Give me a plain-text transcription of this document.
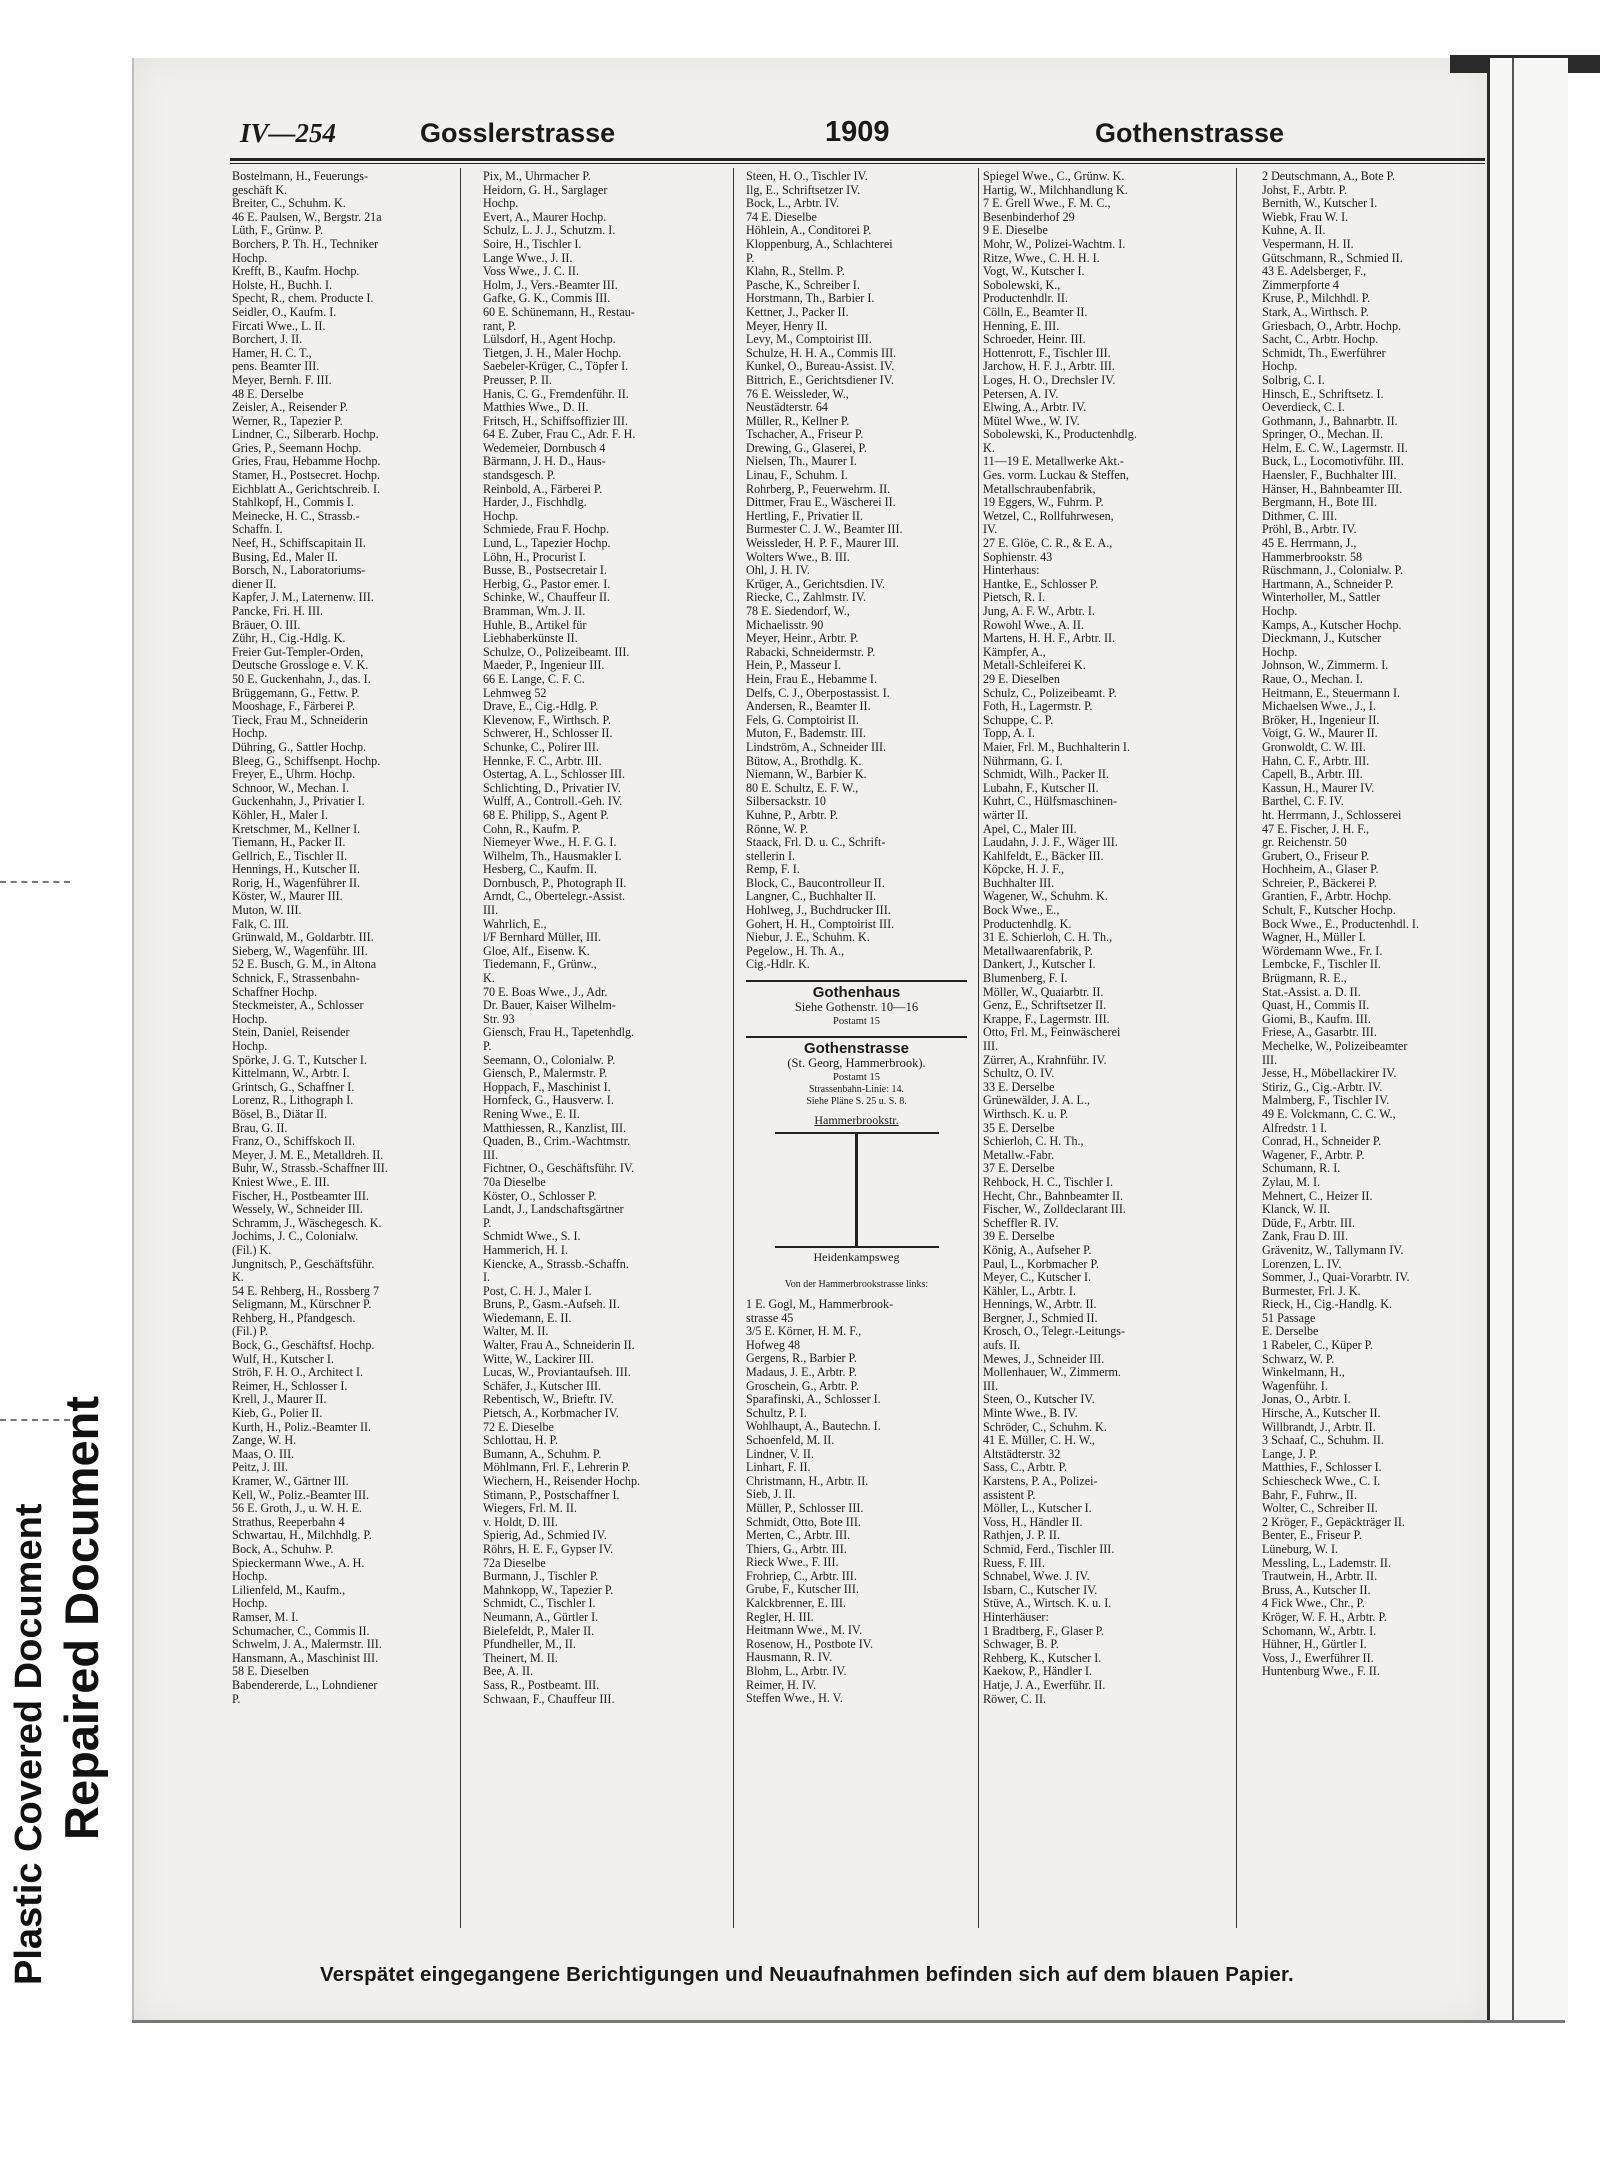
Plastic Covered Document Repaired Document
IV—254	Gosslerstrasse	1909	Gothenstrasse
Bostelmann, H., Feuerungs-
geschäft K.
Breiter, C., Schuhm. K.
46 E. Paulsen, W., Bergstr. 21a
Lüth, F., Grünw. P.
Borchers, P. Th. H., Techniker
Hochp.
Krefft, B., Kaufm. Hochp.
Holste, H., Buchh. I.
Specht, R., chem. Producte I.
Seidler, O., Kaufm. I.
Fircati Wwe., L. II.
Borchert, J. II.
Hamer, H. C. T.,
pens. Beamter III.
Meyer, Bernh. F. III.
48 E. Derselbe
Zeisler, A., Reisender P.
Werner, R., Tapezier P.
Lindner, C., Silberarb. Hochp.
Gries, P., Seemann Hochp.
Gries, Frau, Hebamme Hochp.
Stamer, H., Postsecret. Hochp.
Eichblatt A., Gerichtschreib. I.
Stahlkopf, H., Commis I.
Meinecke, H. C., Strassb.-
Schaffn. I.
Neef, H., Schiffscapitain II.
Busing, Ed., Maler II.
Borsch, N., Laboratoriums-
diener II.
Kapfer, J. M., Laternenw. III.
Pancke, Fri. H. III.
Bräuer, O. III.
Zühr, H., Cig.-Hdlg. K.
Freier Gut-Templer-Orden,
Deutsche Grossloge e. V. K.
50 E. Guckenhahn, J., das. I.
Brüggemann, G., Fettw. P.
Mooshage, F., Färberei P.
Tieck, Frau M., Schneiderin
Hochp.
Dühring, G., Sattler Hochp.
Bleeg, G., Schiffsenpt. Hochp.
Freyer, E., Uhrm. Hochp.
Schnoor, W., Mechan. I.
Guckenhahn, J., Privatier I.
Köhler, H., Maler I.
Kretschmer, M., Kellner I.
Tiemann, H., Packer II.
Gellrich, E., Tischler II.
Hennings, H., Kutscher II.
Rorig, H., Wagenführer II.
Köster, W., Maurer III.
Muton, W. III.
Falk, C. III.
Grünwald, M., Goldarbtr. III.
Sieberg, W., Wagenführ. III.
52 E. Busch, G. M., in Altona
Schnick, F., Strassenbahn-
Schaffner Hochp.
Steckmeister, A., Schlosser
Hochp.
Stein, Daniel, Reisender
Hochp.
Spörke, J. G. T., Kutscher I.
Kittelmann, W., Arbtr. I.
Grintsch, G., Schaffner I.
Lorenz, R., Lithograph I.
Bösel, B., Diätar II.
Brau, G. II.
Franz, O., Schiffskoch II.
Meyer, J. M. E., Metalldreh. II.
Buhr, W., Strassb.-Schaffner III.
Kniest Wwe., E. III.
Fischer, H., Postbeamter III.
Wessely, W., Schneider III.
Schramm, J., Wäschegesch. K.
Jochims, J. C., Colonialw.
(Fil.) K.
Jungnitsch, P., Geschäftsführ.
K.
54 E. Rehberg, H., Rossberg 7
Seligmann, M., Kürschner P.
Rehberg, H., Pfandgesch.
(Fil.) P.
Bock, G., Geschäftsf. Hochp.
Wulf, H., Kutscher I.
Ströh, F. H. O., Architect I.
Reimer, H., Schlosser I.
Krell, J., Maurer II.
Kieb, G., Polier II.
Kurth, H., Poliz.-Beamter II.
Zange, W. H.
Maas, O. III.
Peitz, J. III.
Kramer, W., Gärtner III.
Kell, W., Poliz.-Beamter III.
56 E. Groth, J., u. W. H. E.
Strathus, Reeperbahn 4
Schwartau, H., Milchhdlg. P.
Bock, A., Schuhw. P.
Spieckermann Wwe., A. H.
Hochp.
Lilienfeld, M., Kaufm.,
Hochp.
Ramser, M. I.
Schumacher, C., Commis II.
Schwelm, J. A., Malermstr. III.
Hansmann, A., Maschinist III.
58 E. Dieselben
Babendererde, L., Lohndiener
P.
Pix, M., Uhrmacher P.
Heidorn, G. H., Sarglager
Hochp.
Evert, A., Maurer Hochp.
Schulz, L. J. J., Schutzm. I.
Soire, H., Tischler I.
Lange Wwe., J. II.
Voss Wwe., J. C. II.
Holm, J., Vers.-Beamter III.
Gafke, G. K., Commis III.
60 E. Schünemann, H., Restau-
rant, P.
Lülsdorf, H., Agent Hochp.
Tietgen, J. H., Maler Hochp.
Saebeler-Krüger, C., Töpfer I.
Preusser, P. II.
Hanis, C. G., Fremdenführ. II.
Matthies Wwe., D. II.
Fritsch, H., Schiffsoffizier III.
64 E. Zuber, Frau C., Adr. F. H.
Wedemeier, Dornbusch 4
Bärmann, J. H. D., Haus-
standsgesch. P.
Reinbold, A., Färberei P.
Harder, J., Fischhdlg.
Hochp.
Schmiede, Frau F. Hochp.
Lund, L., Tapezier Hochp.
Löhn, H., Procurist I.
Busse, B., Postsecretair I.
Herbig, G., Pastor emer. I.
Schinke, W., Chauffeur II.
Bramman, Wm. J. II.
Huhle, B., Artikel für
Liebhaberkünste II.
Schulze, O., Polizeibeamt. III.
Maeder, P., Ingenieur III.
66 E. Lange, C. F. C.
Lehmweg 52
Drave, E., Cig.-Hdlg. P.
Klevenow, F., Wirthsch. P.
Schwerer, H., Schlosser II.
Schunke, C., Polirer III.
Hennke, F. C., Arbtr. III.
Ostertag, A. L., Schlosser III.
Schlichting, D., Privatier IV.
Wulff, A., Controll.-Geh. IV.
68 E. Philipp, S., Agent P.
Cohn, R., Kaufm. P.
Niemeyer Wwe., H. F. G. I.
Wilhelm, Th., Hausmakler I.
Hesberg, C., Kaufm. II.
Dornbusch, P., Photograph II.
Arndt, C., Obertelegr.-Assist.
III.
Wahrlich, E.,
l/F Bernhard Müller, III.
Gloe, Alf., Eisenw. K.
Tiedemann, F., Grünw.,
K.
70 E. Boas Wwe., J., Adr.
Dr. Bauer, Kaiser Wilhelm-
Str. 93
Giensch, Frau H., Tapetenhdlg.
P.
Seemann, O., Colonialw. P.
Giensch, P., Malermstr. P.
Hoppach, F., Maschinist I.
Hornfeck, G., Hausverw. I.
Rening Wwe., E. II.
Matthiessen, R., Kanzlist, III.
Quaden, B., Crim.-Wachtmstr.
III.
Fichtner, O., Geschäftsführ. IV.
70a Dieselbe
Köster, O., Schlosser P.
Landt, J., Landschaftsgärtner
P.
Schmidt Wwe., S. I.
Hammerich, H. I.
Kiencke, A., Strassb.-Schaffn.
I.
Post, C. H. J., Maler I.
Bruns, P., Gasm.-Aufseh. II.
Wiedemann, E. II.
Walter, M. II.
Walter, Frau A., Schneiderin II.
Witte, W., Lackirer III.
Lucas, W., Proviantaufseh. III.
Schäfer, J., Kutscher III.
Rebentisch, W., Brieftr. IV.
Pietsch, A., Korbmacher IV.
72 E. Dieselbe
Schlottau, H. P.
Bumann, A., Schuhm. P.
Möhlmann, Frl. F., Lehrerin P.
Wiechern, H., Reisender Hochp.
Stimann, P., Postschaffner I.
Wiegers, Frl. M. II.
v. Holdt, D. III.
Spierig, Ad., Schmied IV.
Röhrs, H. E. F., Gypser IV.
72a Dieselbe
Burmann, J., Tischler P.
Mahnkopp, W., Tapezier P.
Schmidt, C., Tischler I.
Neumann, A., Gürtler I.
Bielefeldt, P., Maler II.
Pfundheller, M., II.
Theinert, M. II.
Bee, A. II.
Sass, R., Postbeamt. III.
Schwaan, F., Chauffeur III.
Steen, H. O., Tischler IV.
Ilg, E., Schriftsetzer IV.
Bock, L., Arbtr. IV.
74 E. Dieselbe
Höhlein, A., Conditorei P.
Kloppenburg, A., Schlachterei
P.
Klahn, R., Stellm. P.
Pasche, K., Schreiber I.
Horstmann, Th., Barbier I.
Kettner, J., Packer II.
Meyer, Henry II.
Levy, M., Comptoirist III.
Schulze, H. H. A., Commis III.
Kunkel, O., Bureau-Assist. IV.
Bittrich, E., Gerichtsdiener IV.
76 E. Weissleder, W.,
Neustädterstr. 64
Müller, R., Kellner P.
Tschacher, A., Friseur P.
Drewing, G., Glaserei, P.
Nielsen, Th., Maurer I.
Linau, F., Schuhm. I.
Rohrberg, P., Feuerwehrm. II.
Dittmer, Frau E., Wäscherei II.
Hertling, F., Privatier II.
Burmester C. J. W., Beamter III.
Weissleder, H. P. F., Maurer III.
Wolters Wwe., B. III.
Ohl, J. H. IV.
Krüger, A., Gerichtsdien. IV.
Riecke, C., Zahlmstr. IV.
78 E. Siedendorf, W.,
Michaelisstr. 90
Meyer, Heinr., Arbtr. P.
Rabacki, Schneidermstr. P.
Hein, P., Masseur I.
Hein, Frau E., Hebamme I.
Delfs, C. J., Oberpostassist. I.
Andersen, R., Beamter II.
Fels, G. Comptoirist II.
Muton, F., Bademstr. III.
Lindström, A., Schneider III.
Bütow, A., Brothdlg. K.
Niemann, W., Barbier K.
80 E. Schultz, E. F. W.,
Silbersackstr. 10
Kuhne, P., Arbtr. P.
Rönne, W. P.
Staack, Frl. D. u. C., Schrift-
stellerin I.
Remp, F. I.
Block, C., Baucontrolleur II.
Langner, C., Buchhalter II.
Hohlweg, J., Buchdrucker III.
Gohert, H. H., Comptoirist III.
Niebur, J. E., Schuhm. K.
Pegelow., H. Th. A.,
Cig.-Hdlr. K.
Gothenhaus
Siehe Gothenstr. 10—16
Postamt 15
Gothenstrasse
(St. Georg, Hammerbrook).
Postamt 15
Strassenbahn-Linie: 14.
Siehe Pläne S. 25 u. S. 8.
Hammerbrookstr.
Heidenkampsweg
Von der Hammerbrookstrasse links:
1 E. Gogl, M., Hammerbrook-
strasse 45
3/5 E. Körner, H. M. F.,
Hofweg 48
Gergens, R., Barbier P.
Madaus, J. E., Arbtr. P.
Groschein, G., Arbtr. P.
Sparafinski, A., Schlosser I.
Schultz, P. I.
Wohlhaupt, A., Bautechn. I.
Schoenfeld, M. II.
Lindner, V. II.
Linhart, F. II.
Christmann, H., Arbtr. II.
Sieb, J. II.
Müller, P., Schlosser III.
Schmidt, Otto, Bote III.
Merten, C., Arbtr. III.
Thiers, G., Arbtr. III.
Rieck Wwe., F. III.
Frohriep, C., Arbtr. III.
Grube, F., Kutscher III.
Kalckbrenner, E. III.
Regler, H. III.
Heitmann Wwe., M. IV.
Rosenow, H., Postbote IV.
Hausmann, R. IV.
Blohm, L., Arbtr. IV.
Reimer, H. IV.
Steffen Wwe., H. V.
Spiegel Wwe., C., Grünw. K.
Hartig, W., Milchhandlung K.
7 E. Grell Wwe., F. M. C.,
Besenbinderhof 29
9 E. Dieselbe
Mohr, W., Polizei-Wachtm. I.
Ritze, Wwe., C. H. H. I.
Vogt, W., Kutscher I.
Sobolewski, K.,
Productenhdlr. II.
Cölln, E., Beamter II.
Henning, E. III.
Schroeder, Heinr. III.
Hottenrott, F., Tischler III.
Jarchow, H. F. J., Arbtr. III.
Loges, H. O., Drechsler IV.
Petersen, A. IV.
Elwing, A., Arbtr. IV.
Mütel Wwe., W. IV.
Sobolewski, K., Productenhdlg.
K.
11—19 E. Metallwerke Akt.-
Ges. vorm. Luckau & Steffen,
Metallschraubenfabrik,
19 Eggers, W., Fuhrm. P.
Wetzel, C., Rollfuhrwesen,
IV.
27 E. Glöe, C. R., & E. A.,
Sophienstr. 43
Hinterhaus:
Hantke, E., Schlosser P.
Pietsch, R. I.
Jung, A. F. W., Arbtr. I.
Rowohl Wwe., A. II.
Martens, H. H. F., Arbtr. II.
Kämpfer, A.,
Metall-Schleiferei K.
29 E. Dieselben
Schulz, C., Polizeibeamt. P.
Foth, H., Lagermstr. P.
Schuppe, C. P.
Topp, A. I.
Maier, Frl. M., Buchhalterin I.
Nührmann, G. I.
Schmidt, Wilh., Packer II.
Lubahn, F., Kutscher II.
Kuhrt, C., Hülfsmaschinen-
wärter II.
Apel, C., Maler III.
Laudahn, J. J. F., Wäger III.
Kahlfeldt, E., Bäcker III.
Köpcke, H. J. F.,
Buchhalter III.
Wagener, W., Schuhm. K.
Bock Wwe., E.,
Productenhdlg. K.
31 E. Schierloh, C. H. Th.,
Metallwaarenfabrik, P.
Dankert, J., Kutscher I.
Blumenberg, F. I.
Möller, W., Quaiarbtr. II.
Genz, E., Schriftsetzer II.
Krappe, F., Lagermstr. III.
Otto, Frl. M., Feinwäscherei
III.
Zürrer, A., Krahnführ. IV.
Schultz, O. IV.
33 E. Derselbe
Grünewälder, J. A. L.,
Wirthsch. K. u. P.
35 E. Derselbe
Schierloh, C. H. Th.,
Metallw.-Fabr.
37 E. Derselbe
Rehbock, H. C., Tischler I.
Hecht, Chr., Bahnbeamter II.
Fischer, W., Zolldeclarant III.
Scheffler R. IV.
39 E. Derselbe
König, A., Aufseher P.
Paul, L., Korbmacher P.
Meyer, C., Kutscher I.
Kähler, L., Arbtr. I.
Hennings, W., Arbtr. II.
Bergner, J., Schmied II.
Krosch, O., Telegr.-Leitungs-
aufs. II.
Mewes, J., Schneider III.
Mollenhauer, W., Zimmerm.
III.
Steen, O., Kutscher IV.
Minte Wwe., B. IV.
Schröder, C., Schuhm. K.
41 E. Müller, C. H. W.,
Altstädterstr. 32
Sass, C., Arbtr. P.
Karstens, P. A., Polizei-
assistent P.
Möller, L., Kutscher I.
Voss, H., Händler II.
Rathjen, J. P. II.
Schmid, Ferd., Tischler III.
Ruess, F. III.
Schnabel, Wwe. J. IV.
Isbarn, C., Kutscher IV.
Stüve, A., Wirtsch. K. u. I.
Hinterhäuser:
1 Bradtberg, F., Glaser P.
Schwager, B. P.
Rehberg, K., Kutscher I.
Kaekow, P., Händler I.
Hatje, J. A., Ewerführ. II.
Röwer, C. II.
2 Deutschmann, A., Bote P.
Johst, F., Arbtr. P.
Bernith, W., Kutscher I.
Wiebk, Frau W. I.
Kuhne, A. II.
Vespermann, H. II.
Gütschmann, R., Schmied II.
43 E. Adelsberger, F.,
Zimmerpforte 4
Kruse, P., Milchhdl. P.
Stark, A., Wirthsch. P.
Griesbach, O., Arbtr. Hochp.
Sacht, C., Arbtr. Hochp.
Schmidt, Th., Ewerführer
Hochp.
Solbrig, C. I.
Hinsch, E., Schriftsetz. I.
Oeverdieck, C. I.
Gothmann, J., Bahnarbtr. II.
Springer, O., Mechan. II.
Helm, E. C. W., Lagermstr. II.
Buck, L., Locomotivführ. III.
Haensler, F., Buchhalter III.
Hänser, H., Bahnbeamter III.
Bergmann, H., Bote III.
Dithmer, C. III.
Pröhl, B., Arbtr. IV.
45 E. Herrmann, J.,
Hammerbrookstr. 58
Rüschmann, J., Colonialw. P.
Hartmann, A., Schneider P.
Winterholler, M., Sattler
Hochp.
Kamps, A., Kutscher Hochp.
Dieckmann, J., Kutscher
Hochp.
Johnson, W., Zimmerm. I.
Raue, O., Mechan. I.
Heitmann, E., Steuermann I.
Michaelsen Wwe., J., I.
Bröker, H., Ingenieur II.
Voigt, G. W., Maurer II.
Gronwoldt, C. W. III.
Hahn, C. F., Arbtr. III.
Capell, B., Arbtr. III.
Kassun, H., Maurer IV.
Barthel, C. F. IV.
ht. Herrmann, J., Schlosserei
47 E. Fischer, J. H. F.,
gr. Reichenstr. 50
Grubert, O., Friseur P.
Hochheim, A., Glaser P.
Schreier, P., Bäckerei P.
Grantien, F., Arbtr. Hochp.
Schult, F., Kutscher Hochp.
Bock Wwe., E., Productenhdl. I.
Wagner, H., Müller I.
Wördemann Wwe., Fr. I.
Lembcke, F., Tischler II.
Brügmann, R. E.,
Stat.-Assist. a. D. II.
Quast, H., Commis II.
Giomi, B., Kaufm. III.
Friese, A., Gasarbtr. III.
Mechelke, W., Polizeibeamter
III.
Jesse, H., Möbellackirer IV.
Stiriz, G., Cig.-Arbtr. IV.
Malmberg, F., Tischler IV.
49 E. Volckmann, C. C. W.,
Alfredstr. 1 I.
Conrad, H., Schneider P.
Wagener, F., Arbtr. P.
Schumann, R. I.
Zylau, M. I.
Mehnert, C., Heizer II.
Klanck, W. II.
Düde, F., Arbtr. III.
Zank, Frau D. III.
Grävenitz, W., Tallymann IV.
Lorenzen, L. IV.
Sommer, J., Quai-Vorarbtr. IV.
Burmester, Frl. J. K.
Rieck, H., Cig.-Handlg. K.
51 Passage
E. Derselbe
1 Rabeler, C., Küper P.
Schwarz, W. P.
Winkelmann, H.,
Wagenführ. I.
Jonas, O., Arbtr. I.
Hirsche, A., Kutscher II.
Willbrandt, J., Arbtr. II.
3 Schaaf, C., Schuhm. II.
Lange, J. P.
Matthies, F., Schlosser I.
Schiescheck Wwe., C. I.
Bahr, F., Fuhrw., II.
Wolter, C., Schreiber II.
2 Kröger, F., Gepäckträger II.
Benter, E., Friseur P.
Lüneburg, W. I.
Messling, L., Lademstr. II.
Trautwein, H., Arbtr. II.
Bruss, A., Kutscher II.
4 Fick Wwe., Chr., P.
Kröger, W. F. H., Arbtr. P.
Schomann, W., Arbtr. I.
Hühner, H., Gürtler I.
Voss, J., Ewerführer II.
Huntenburg Wwe., F. II.
Verspätet eingegangene Berichtigungen und Neuaufnahmen befinden sich auf dem blauen Papier.
